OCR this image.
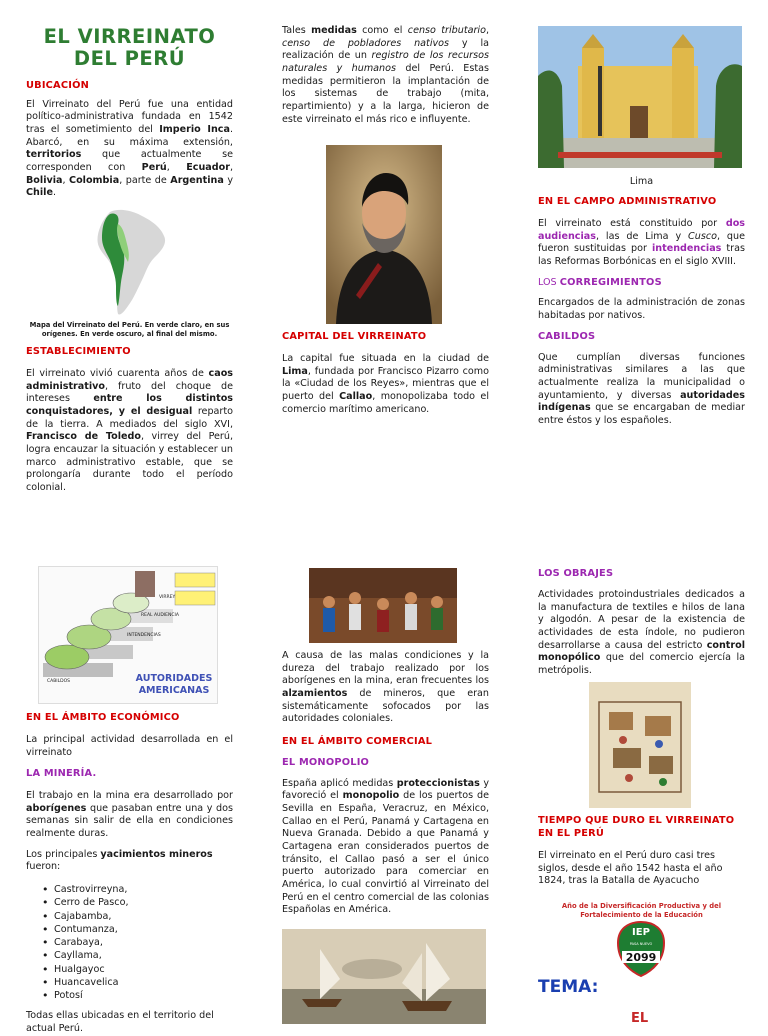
EL VIRREINATO
DEL PERÚ
UBICACIÓN

El Virreinato del Perú fue una entidad político-administrativa fundada en 1542 tras el sometimiento del Imperio Inca. Abarcó, en su máxima extensión, territorios que actualmente se corresponden con Perú, Ecuador, Bolivia, Colombia, parte de Argentina y Chile.

Mapa del Virreinato del Perú. En verde claro, en sus orígenes. En verde oscuro, al final del mismo.
ESTABLECIMIENTO

El virreinato vivió cuarenta años de caos administrativo, fruto del choque de intereses entre los distintos conquistadores, y el desigual reparto de la tierra. A mediados del siglo XVI, Francisco de Toledo, virrey del Perú, logra encauzar la situación y establecer un marco administrativo estable, que se prolongaría durante todo el período colonial.

Tales medidas como el censo tributario, censo de pobladores nativos y la realización de un registro de los recursos naturales y humanos del Perú. Estas medidas permitieron la implantación de los sistemas de trabajo (mita, repartimiento) y a la larga, hicieron de este virreinato el más rico e influyente.

CAPITAL DEL VIRREINATO

La capital fue situada en la ciudad de Lima, fundada por Francisco Pizarro como la «Ciudad de los Reyes», mientras que el puerto del Callao, monopolizaba todo el comercio marítimo americano.

Lima
EN EL CAMPO ADMINISTRATIVO

El virreinato está constituido por dos audiencias, las de Lima y Cusco, que fueron sustituidas por intendencias tras las Reformas Borbónicas en el siglo XVIII.

LOS CORREGIMIENTOS

Encargados de la administración de zonas habitadas por nativos.

CABILDOS

Que cumplían diversas funciones administrativas similares a las que actualmente realiza la municipalidad o ayuntamiento, y diversas autoridades indígenas que se encargaban de mediar entre éstos y los españoles.

VIRREY
REAL AUDIENCIA
INTENDENCIAS
CABILDOS	AUTORIDADES
AMERICANAS
EN EL ÁMBITO ECONÓMICO

La principal actividad desarrollada en el virreinato

LA MINERÍA.

El trabajo en la mina era desarrollado por aborígenes que pasaban entre una y dos semanas sin salir de ella en condiciones realmente duras.

Los principales yacimientos mineros fueron:

• Castrovirreyna,
• Cerro de Pasco,
• Cajabamba,
• Contumanza,
• Carabaya,
• Cayllama,
• Hualgayoc
• Huancavelica
• Potosí

Todas ellas ubicadas en el territorio del actual Perú.

A causa de las malas condiciones y la dureza del trabajo realizado por los aborígenes en la mina, eran frecuentes los alzamientos de mineros, que eran sistemáticamente sofocados por las autoridades coloniales.

EN EL ÁMBITO COMERCIAL
EL MONOPOLIO

España aplicó medidas proteccionistas y favoreció el monopolio de los puertos de Sevilla en España, Veracruz, en México, Callao en el Perú, Panamá y Cartagena en Nueva Granada. Debido a que Panamá y Cartagena eran considerados puertos de tránsito, el Callao pasó a ser el único puerto autorizado para comerciar en América, lo cual convirtió al Virreinato del Perú en el centro comercial de las colonias Españolas en América.

LOS OBRAJES

Actividades protoindustriales dedicados a la manufactura de textiles e hilos de lana y algodón. A pesar de la existencia de actividades de esta índole, no pudieron desarrollarse a causa del estricto control monopólico que del comercio ejercía la metrópolis.

TIEMPO QUE DURO EL VIRREINATO EN EL PERÚ

El virreinato en el Perú duro casi tres siglos, desde el año 1542 hasta el año 1824, tras la Batalla de Ayacucho

Año de la Diversificación Productiva y del Fortalecimiento de la Educación
IEP
PASA NUEVO
2099
TEMA:
EL
